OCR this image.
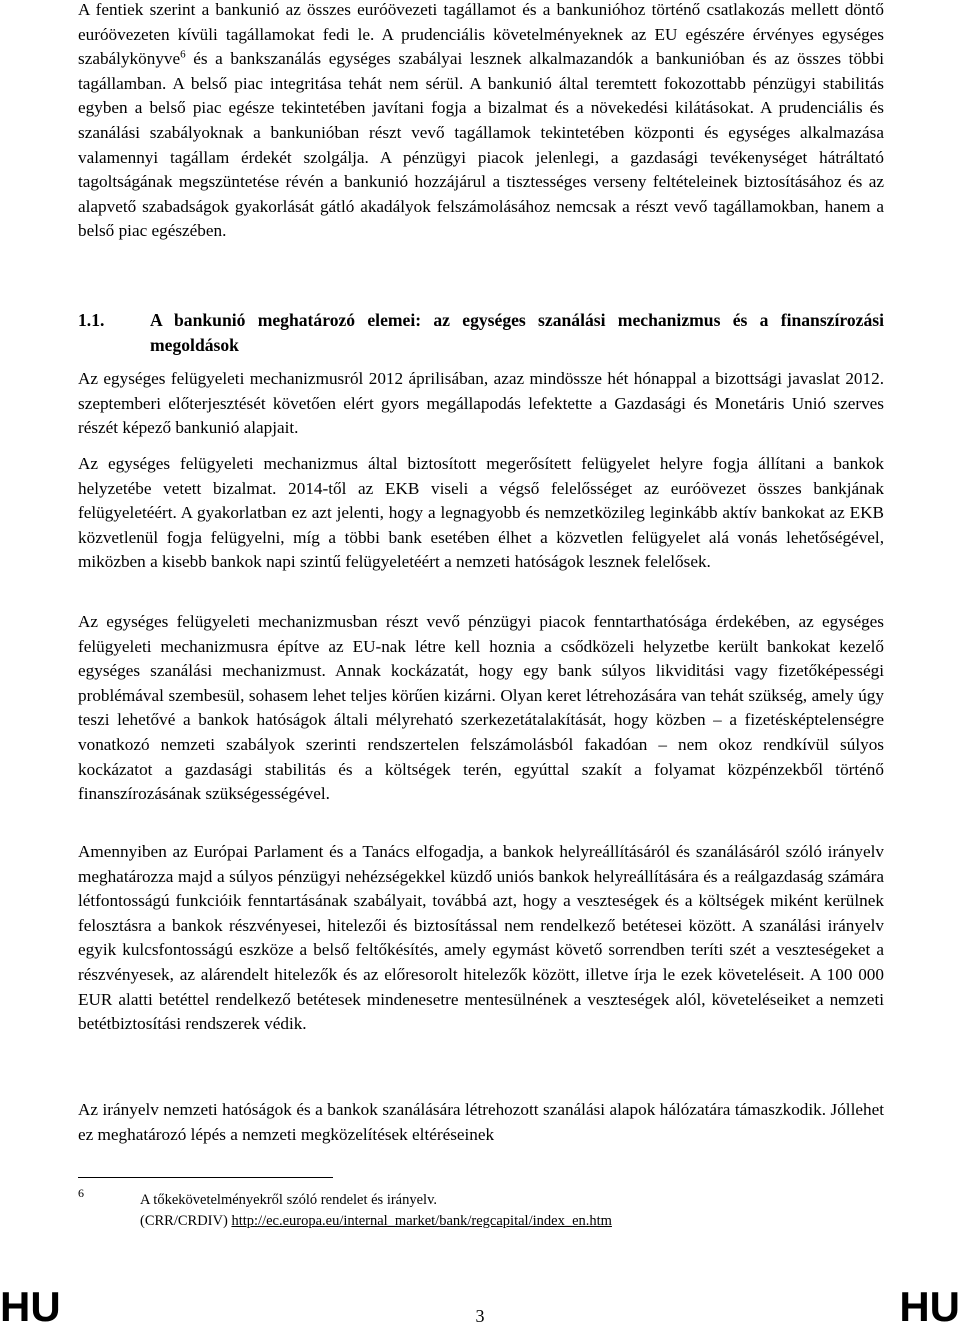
A fentiek szerint a bankunió az összes euróövezeti tagállamot és a bankunióhoz történő csatlakozás mellett döntő euróövezeten kívüli tagállamokat fedi le. A prudenciális követelményeknek az EU egészére érvényes egységes szabálykönyve$^6$ és a bankszanálás egységes szabályai lesznek alkalmazandók a bankunióban és az összes többi tagállamban. A belső piac integritása tehát nem sérül. A bankunió által teremtett fokozottabb pénzügyi stabilitás egyben a belső piac egésze tekintetében javítani fogja a bizalmat és a növekedési kilátásokat. A prudenciális és szanálási szabályoknak a bankunióban részt vevő tagállamok tekintetében központi és egységes alkalmazása valamennyi tagállam érdekét szolgálja. A pénzügyi piacok jelenlegi, a gazdasági tevékenységet hátráltató tagoltságának megszüntetése révén a bankunió hozzájárul a tisztességes verseny feltételeinek biztosításához és az alapvető szabadságok gyakorlását gátló akadályok felszámolásához nemcsak a részt vevő tagállamokban, hanem a belső piac egészében.

1.1.	A bankunió meghatározó elemei: az egységes szanálási mechanizmus és a finanszírozási megoldások

Az egységes felügyeleti mechanizmusról 2012 áprilisában, azaz mindössze hét hónappal a bizottsági javaslat 2012. szeptemberi előterjesztését követően elért gyors megállapodás lefektette a Gazdasági és Monetáris Unió szerves részét képező bankunió alapjait.

Az egységes felügyeleti mechanizmus által biztosított megerősített felügyelet helyre fogja állítani a bankok helyzetébe vetett bizalmat. 2014-től az EKB viseli a végső felelősséget az euróövezet összes bankjának felügyeletéért. A gyakorlatban ez azt jelenti, hogy a legnagyobb és nemzetközileg leginkább aktív bankokat az EKB közvetlenül fogja felügyelni, míg a többi bank esetében élhet a közvetlen felügyelet alá vonás lehetőségével, miközben a kisebb bankok napi szintű felügyeletéért a nemzeti hatóságok lesznek felelősek.

Az egységes felügyeleti mechanizmusban részt vevő pénzügyi piacok fenntarthatósága érdekében, az egységes felügyeleti mechanizmusra építve az EU-nak létre kell hoznia a csődközeli helyzetbe került bankokat kezelő egységes szanálási mechanizmust. Annak kockázatát, hogy egy bank súlyos likviditási vagy fizetőképességi problémával szembesül, sohasem lehet teljes körűen kizárni. Olyan keret létrehozására van tehát szükség, amely úgy teszi lehetővé a bankok hatóságok általi mélyreható szerkezetátalakítását, hogy közben – a fizetésképtelenségre vonatkozó nemzeti szabályok szerinti rendszertelen felszámolásból fakadóan – nem okoz rendkívül súlyos kockázatot a gazdasági stabilitás és a költségek terén, egyúttal szakít a folyamat közpénzekből történő finanszírozásának szükségességével.

Amennyiben az Európai Parlament és a Tanács elfogadja, a bankok helyreállításáról és szanálásáról szóló irányelv meghatározza majd a súlyos pénzügyi nehézségekkel küzdő uniós bankok helyreállítására és a reálgazdaság számára létfontosságú funkcióik fenntartásának szabályait, továbbá azt, hogy a veszteségek és a költségek miként kerülnek felosztásra a bankok részvényesei, hitelezői és biztosítással nem rendelkező betétesei között. A szanálási irányelv egyik kulcsfontosságú eszköze a belső feltőkésítés, amely egymást követő sorrendben teríti szét a veszteségeket a részvényesek, az alárendelt hitelezők és az előresorolt hitelezők között, illetve írja le ezek követeléseit. A 100 000 EUR alatti betéttel rendelkező betétesek mindenesetre mentesülnének a veszteségek alól, követeléseiket a nemzeti betétbiztosítási rendszerek védik.

Az irányelv nemzeti hatóságok és a bankok szanálására létrehozott szanálási alapok hálózatára támaszkodik. Jóllehet ez meghatározó lépés a nemzeti megközelítések eltéréseinek

6	A tőkekövetelményekről szóló rendelet és irányelv.
(CRR/CRDIV) http://ec.europa.eu/internal_market/bank/regcapital/index_en.htm
HU	3	HU
